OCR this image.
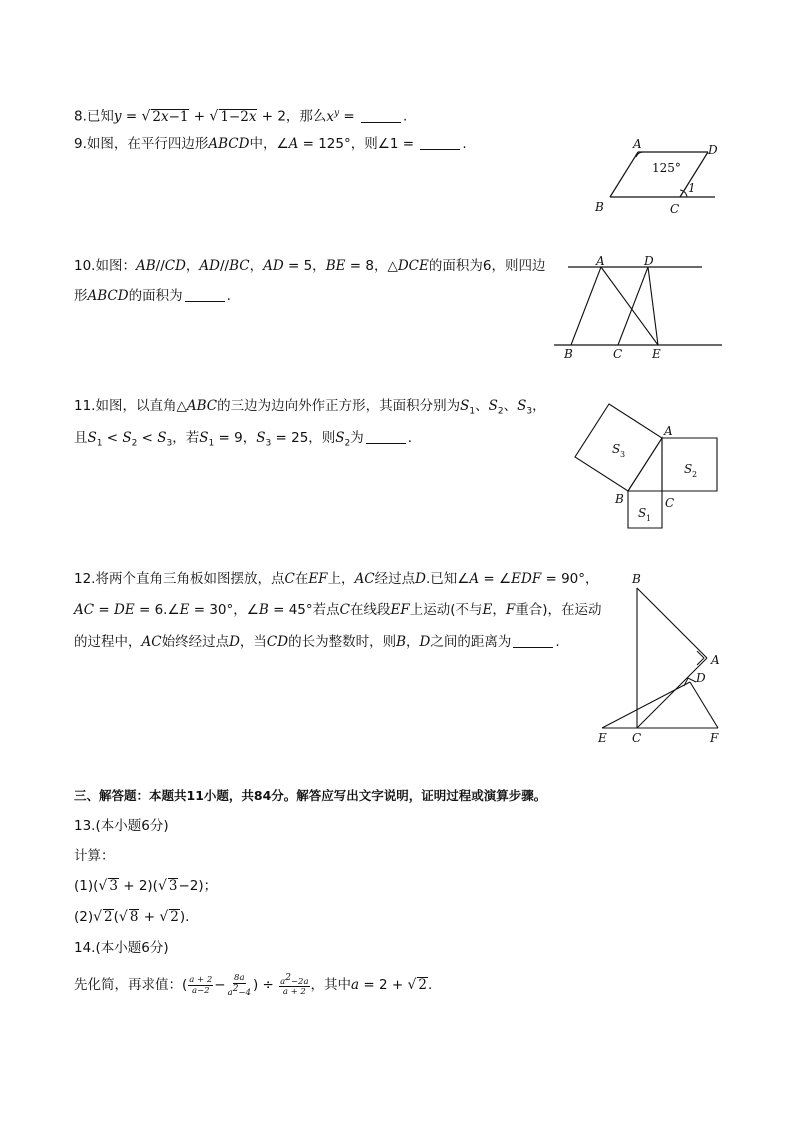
8.已知y = √ 2x−1 + √ 1−2x + 2，那么$x^y$ =	.
9.如图，在平行四边形ABCD中，∠A = 125°，则∠1 =	.	A	D
B	C
125°
1
10.如图：AB//CD，AD//BC，AD = 5，BE = 8，△DCE的面积为6，则四边
形ABCD的面积为	.
A	D
B	C E
11.如图，以直角△ABC的三边为边向外作正方形，其面积分别为$S_1$、$S_2$、$S_3$，
且$S_1 < S_2 < S_3$，若$S_1 = 9$，$S_3 = 25$，则$S_2$为	.	A
B	C
S 1
S 2
S 3
12.将两个直角三角板如图摆放，点C在EF上，AC经过点D.已知∠A = ∠EDF = 90°，
AC = DE = 6.∠E = 30°，∠B = 45°若点C在线段EF上运动(不与E，F重合)，在运动
的过程中，AC始终经过点D，当CD的长为整数时，则B，D之间的距离为	.
B
A
D
E C	F
三、解答题：本题共11小题，共84分。解答应写出文字说明，证明过程或演算步骤。
13.(本小题6分)
计算：
(1)(√ 3 + 2)(√ 3−2)；
(2)√ 2(√ 8 + √ 2).
14.(本小题6分)
先化简，再求值：( $\frac{a + 2}{a-2} - \frac{8a}{a^2-4}$ ) ÷ $\frac{a^2-2a}{a + 2}$ ，其中a = 2 + √ 2.
